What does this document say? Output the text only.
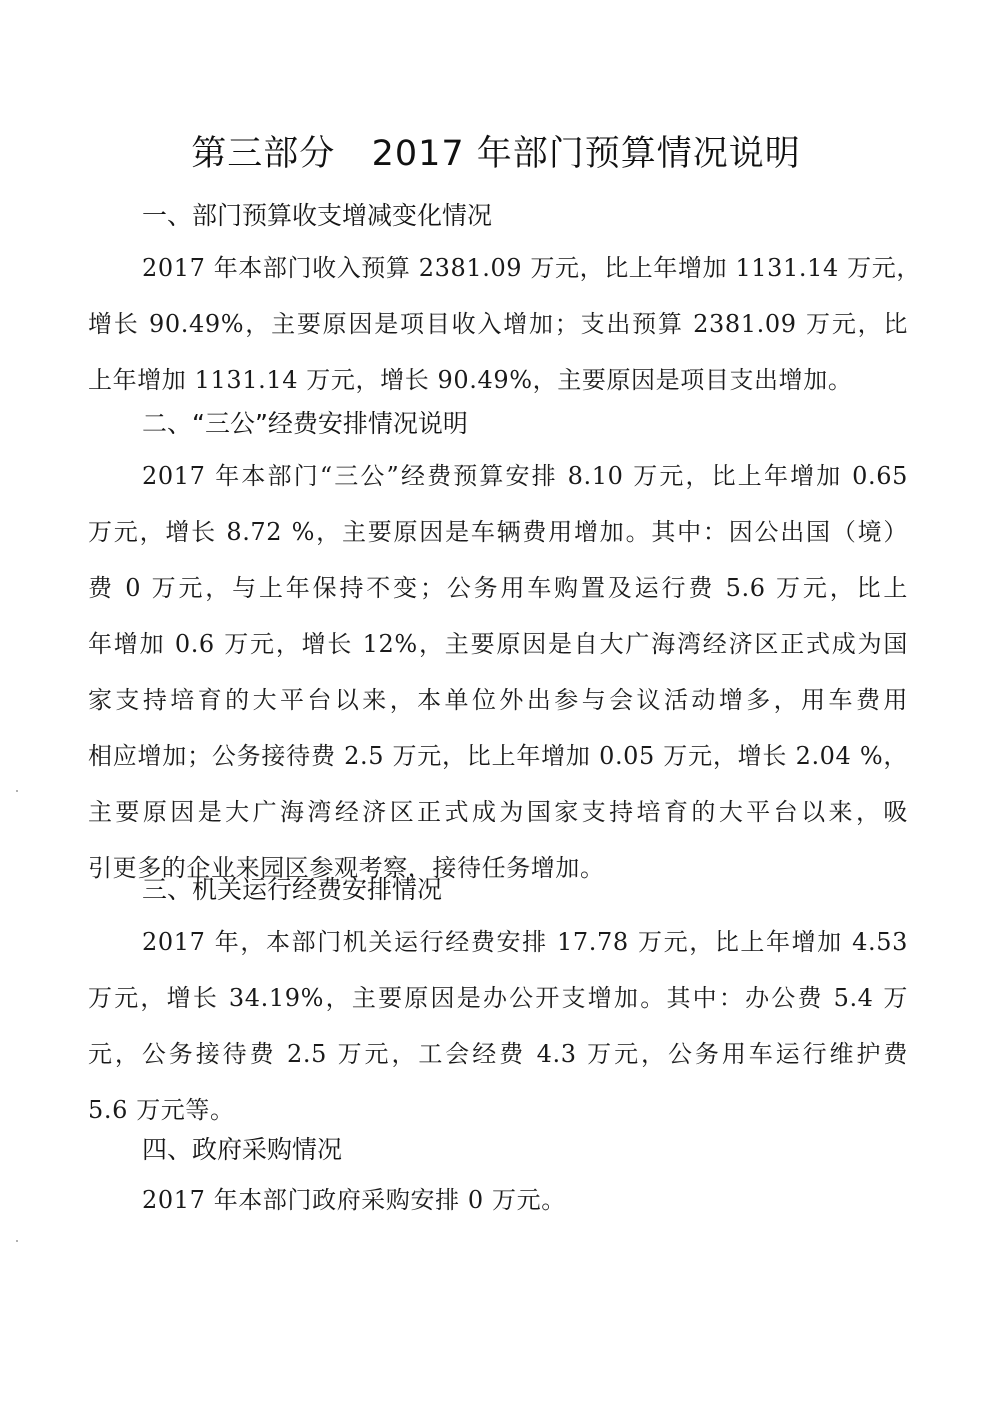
第三部分   2017 年部门预算情况说明
一、部门预算收支增减变化情况
2017 年本部门收入预算 2381.09 万元，比上年增加 1131.14 万元，
增长 90.49%，主要原因是项目收入增加；支出预算 2381.09 万元，比
上年增加 1131.14 万元，增长 90.49%，主要原因是项目支出增加。
二、“三公”经费安排情况说明
2017 年本部门“三公”经费预算安排 8.10 万元，比上年增加 0.65
万元，增长 8.72 %，主要原因是车辆费用增加。其中：因公出国（境）
费 0 万元，与上年保持不变；公务用车购置及运行费 5.6 万元，比上
年增加 0.6 万元，增长 12%，主要原因是自大广海湾经济区正式成为国
家支持培育的大平台以来，本单位外出参与会议活动增多，用车费用
相应增加；公务接待费 2.5 万元，比上年增加 0.05 万元，增长 2.04 %，
主要原因是大广海湾经济区正式成为国家支持培育的大平台以来，吸
引更多的企业来园区参观考察，接待任务增加。
三、机关运行经费安排情况
2017 年，本部门机关运行经费安排 17.78 万元，比上年增加 4.53
万元，增长 34.19%，主要原因是办公开支增加。其中：办公费 5.4 万
元，公务接待费 2.5 万元，工会经费 4.3 万元，公务用车运行维护费
5.6 万元等。
四、政府采购情况
2017 年本部门政府采购安排 0 万元。
